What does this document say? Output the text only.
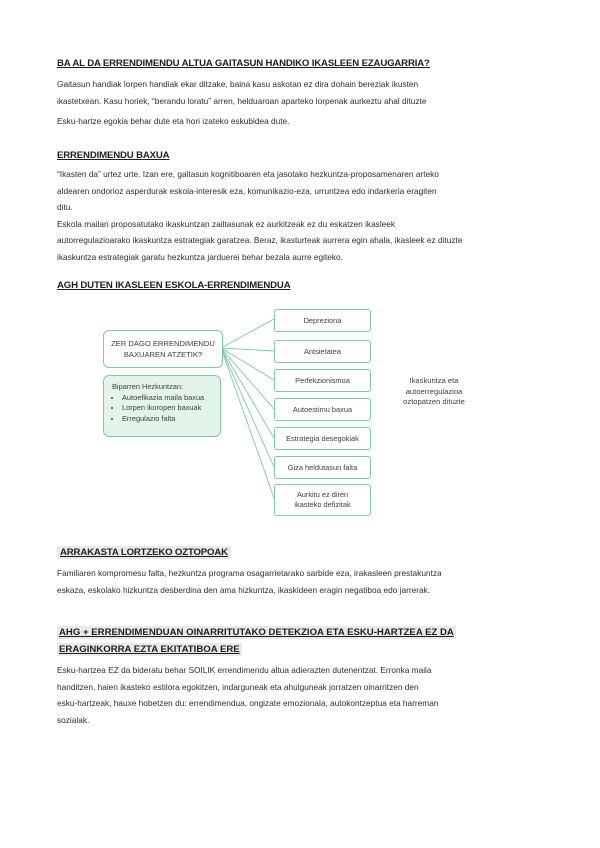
BA AL DA ERRENDIMENDU ALTUA GAITASUN HANDIKO IKASLEEN EZAUGARRIA?

Gaitasun handiak lorpen handiak ekar ditzake, baina kasu askotan ez dira dohain bereziak ikusten
ikastetxean. Kasu horiek, “berandu loratu” arren, helduaroan aparteko lorpenak aurkeztu ahal dituzte

Esku-hartze egokia behar dute eta hori izateko eskubidea dute.

ERRENDIMENDU BAXUA

“Ikasten da” urtez urte. Izan ere, gaitasun kognitiboaren eta jasotako hezkuntza-proposamenaren arteko
aldearen ondorioz asperdurak eskola-interesik eza, komunikazio-eza, urruntzea edo indarkeria eragiten
ditu.
Eskola mailan proposatutako ikaskuntzan zailtasunak ez aurkitzeak ez du eskatzen ikasleek
autorregulazioarako ikaskuntza estrategiak garatzea. Beraz, ikasturteak aurrera egin ahala, ikasleek ez dituzte
ikaskuntza estrategiak garatu hezkuntza jarduerei behar bezala aurre egiteko.

AGH DUTEN IKASLEEN ESKOLA-ERRENDIMENDUA

ZER DAGO ERRENDIMENDU
BAXUAREN ATZETIK?
Biparren Hezkuntzan:
• Autoefikazia maila baxua
• Lorpen ikoropen baxuak
• Erregulazio falta
Depreziona
Antsietatea
Perfekzionismoa
Autoestimu baxua
Estrategia desegokiak
Giza heldutasun falta
Aurkitu ez diren
ikasteko defizitak
Ikaskuntza eta
autoerregulazioa
oztopatzen dituzte

ARRAKASTA LORTZEKO OZTOPOAK

Familiaren kompromesu falta, hezkuntza programa osagarrietarako sarbide eza, irakasleen prestakuntza
eskaza, eskolako hizkuntza desberdina den ama hizkuntza, ikaskideen eragin negatiboa edo jarrerak.

AHG + ERRENDIMENDUAN OINARRITUTAKO DETEKZIOA ETA ESKU-HARTZEA EZ DA
ERAGINKORRA EZTA EKITATIBOA ERE

Esku-hartzea EZ da bideratu behar SOILIK errendimendu altua adierazten dutenentzat. Erronka maila
handitzen, haien ikasteko estilora egokitzen, indarguneak eta ahulguneak jorratzen oinarritzen den
esku-hartzeak, hauxe hobetzen du: errendimendua, ongizate emozionala, autokontzeptua eta harreman
sozialak.
